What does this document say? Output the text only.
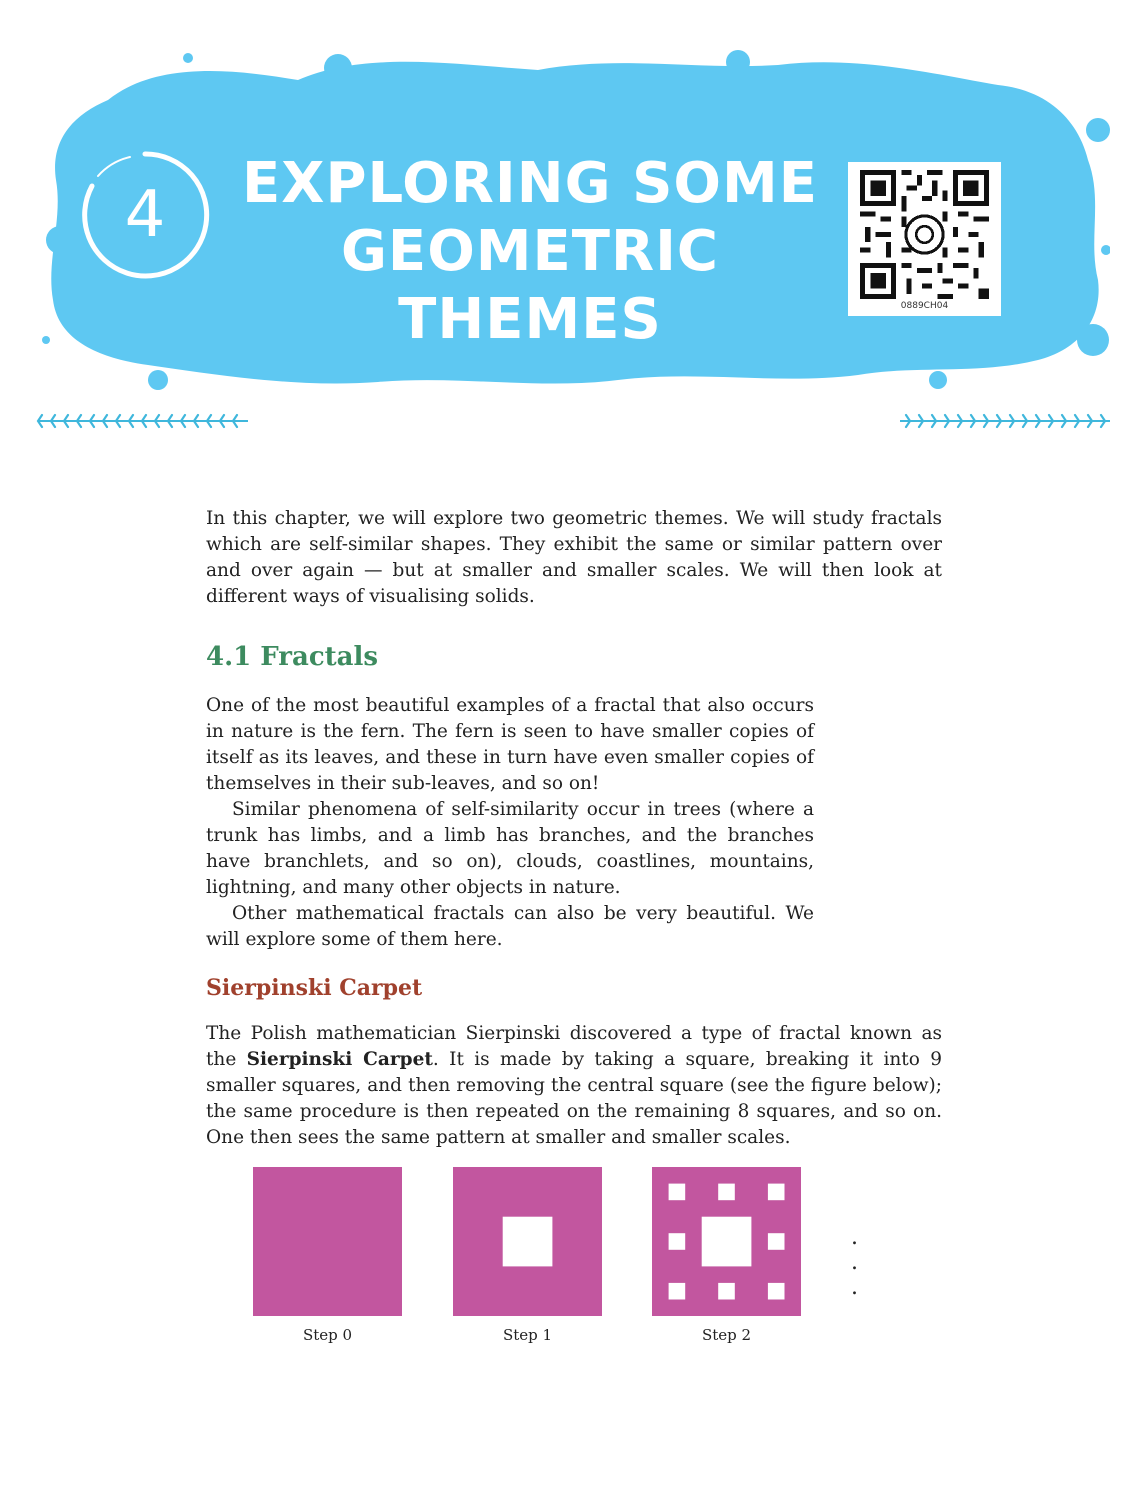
4	EXPLORING SOME
GEOMETRIC THEMES	0889CH04

In this chapter, we will explore two geometric themes. We will study fractals which are self-similar shapes. They exhibit the same or similar pattern over and over again — but at smaller and smaller scales. We will then look at different ways of visualising solids.

4.1 Fractals

One of the most beautiful examples of a fractal that also occurs in nature is the fern. The fern is seen to have smaller copies of itself as its leaves, and these in turn have even smaller copies of themselves in their sub-leaves, and so on!

Similar phenomena of self-similarity occur in trees (where a trunk has limbs, and a limb has branches, and the branches have branchlets, and so on), clouds, coastlines, mountains, lightning, and many other objects in nature.

Other mathematical fractals can also be very beautiful. We will explore some of them here.

Sierpinski Carpet

The Polish mathematician Sierpinski discovered a type of fractal known as the Sierpinski Carpet. It is made by taking a square, breaking it into 9 smaller squares, and then removing the central square (see the figure below); the same procedure is then repeated on the remaining 8 squares, and so on. One then sees the same pattern at smaller and smaller scales.

Step 0	Step 1	Step 2
. . .
